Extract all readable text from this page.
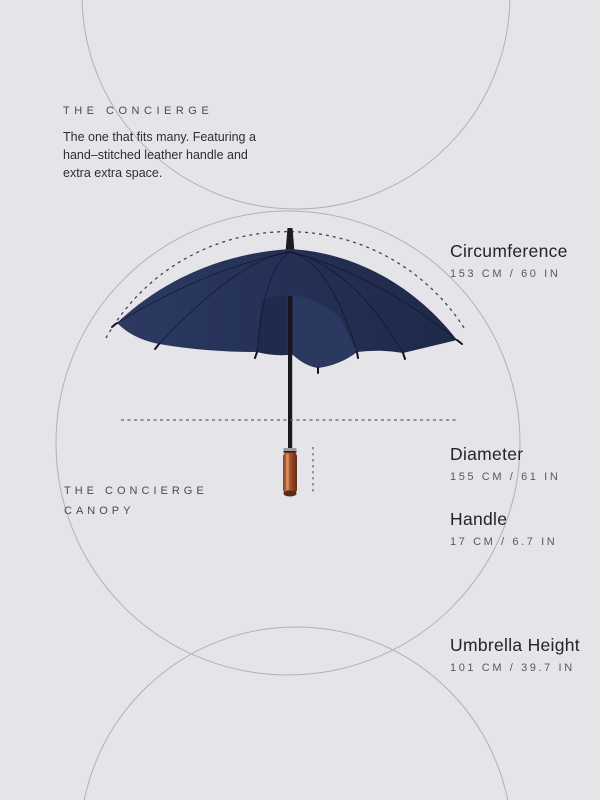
THE CONCIERGE
The one that fits many. Featuring a
hand–stitched leather handle and
extra extra space.
THE CONCIERGE
CANOPY
Circumference
153 CM / 60 IN
Diameter
155 CM / 61 IN
Handle
17 CM / 6.7 IN
Umbrella Height
101 CM / 39.7 IN
